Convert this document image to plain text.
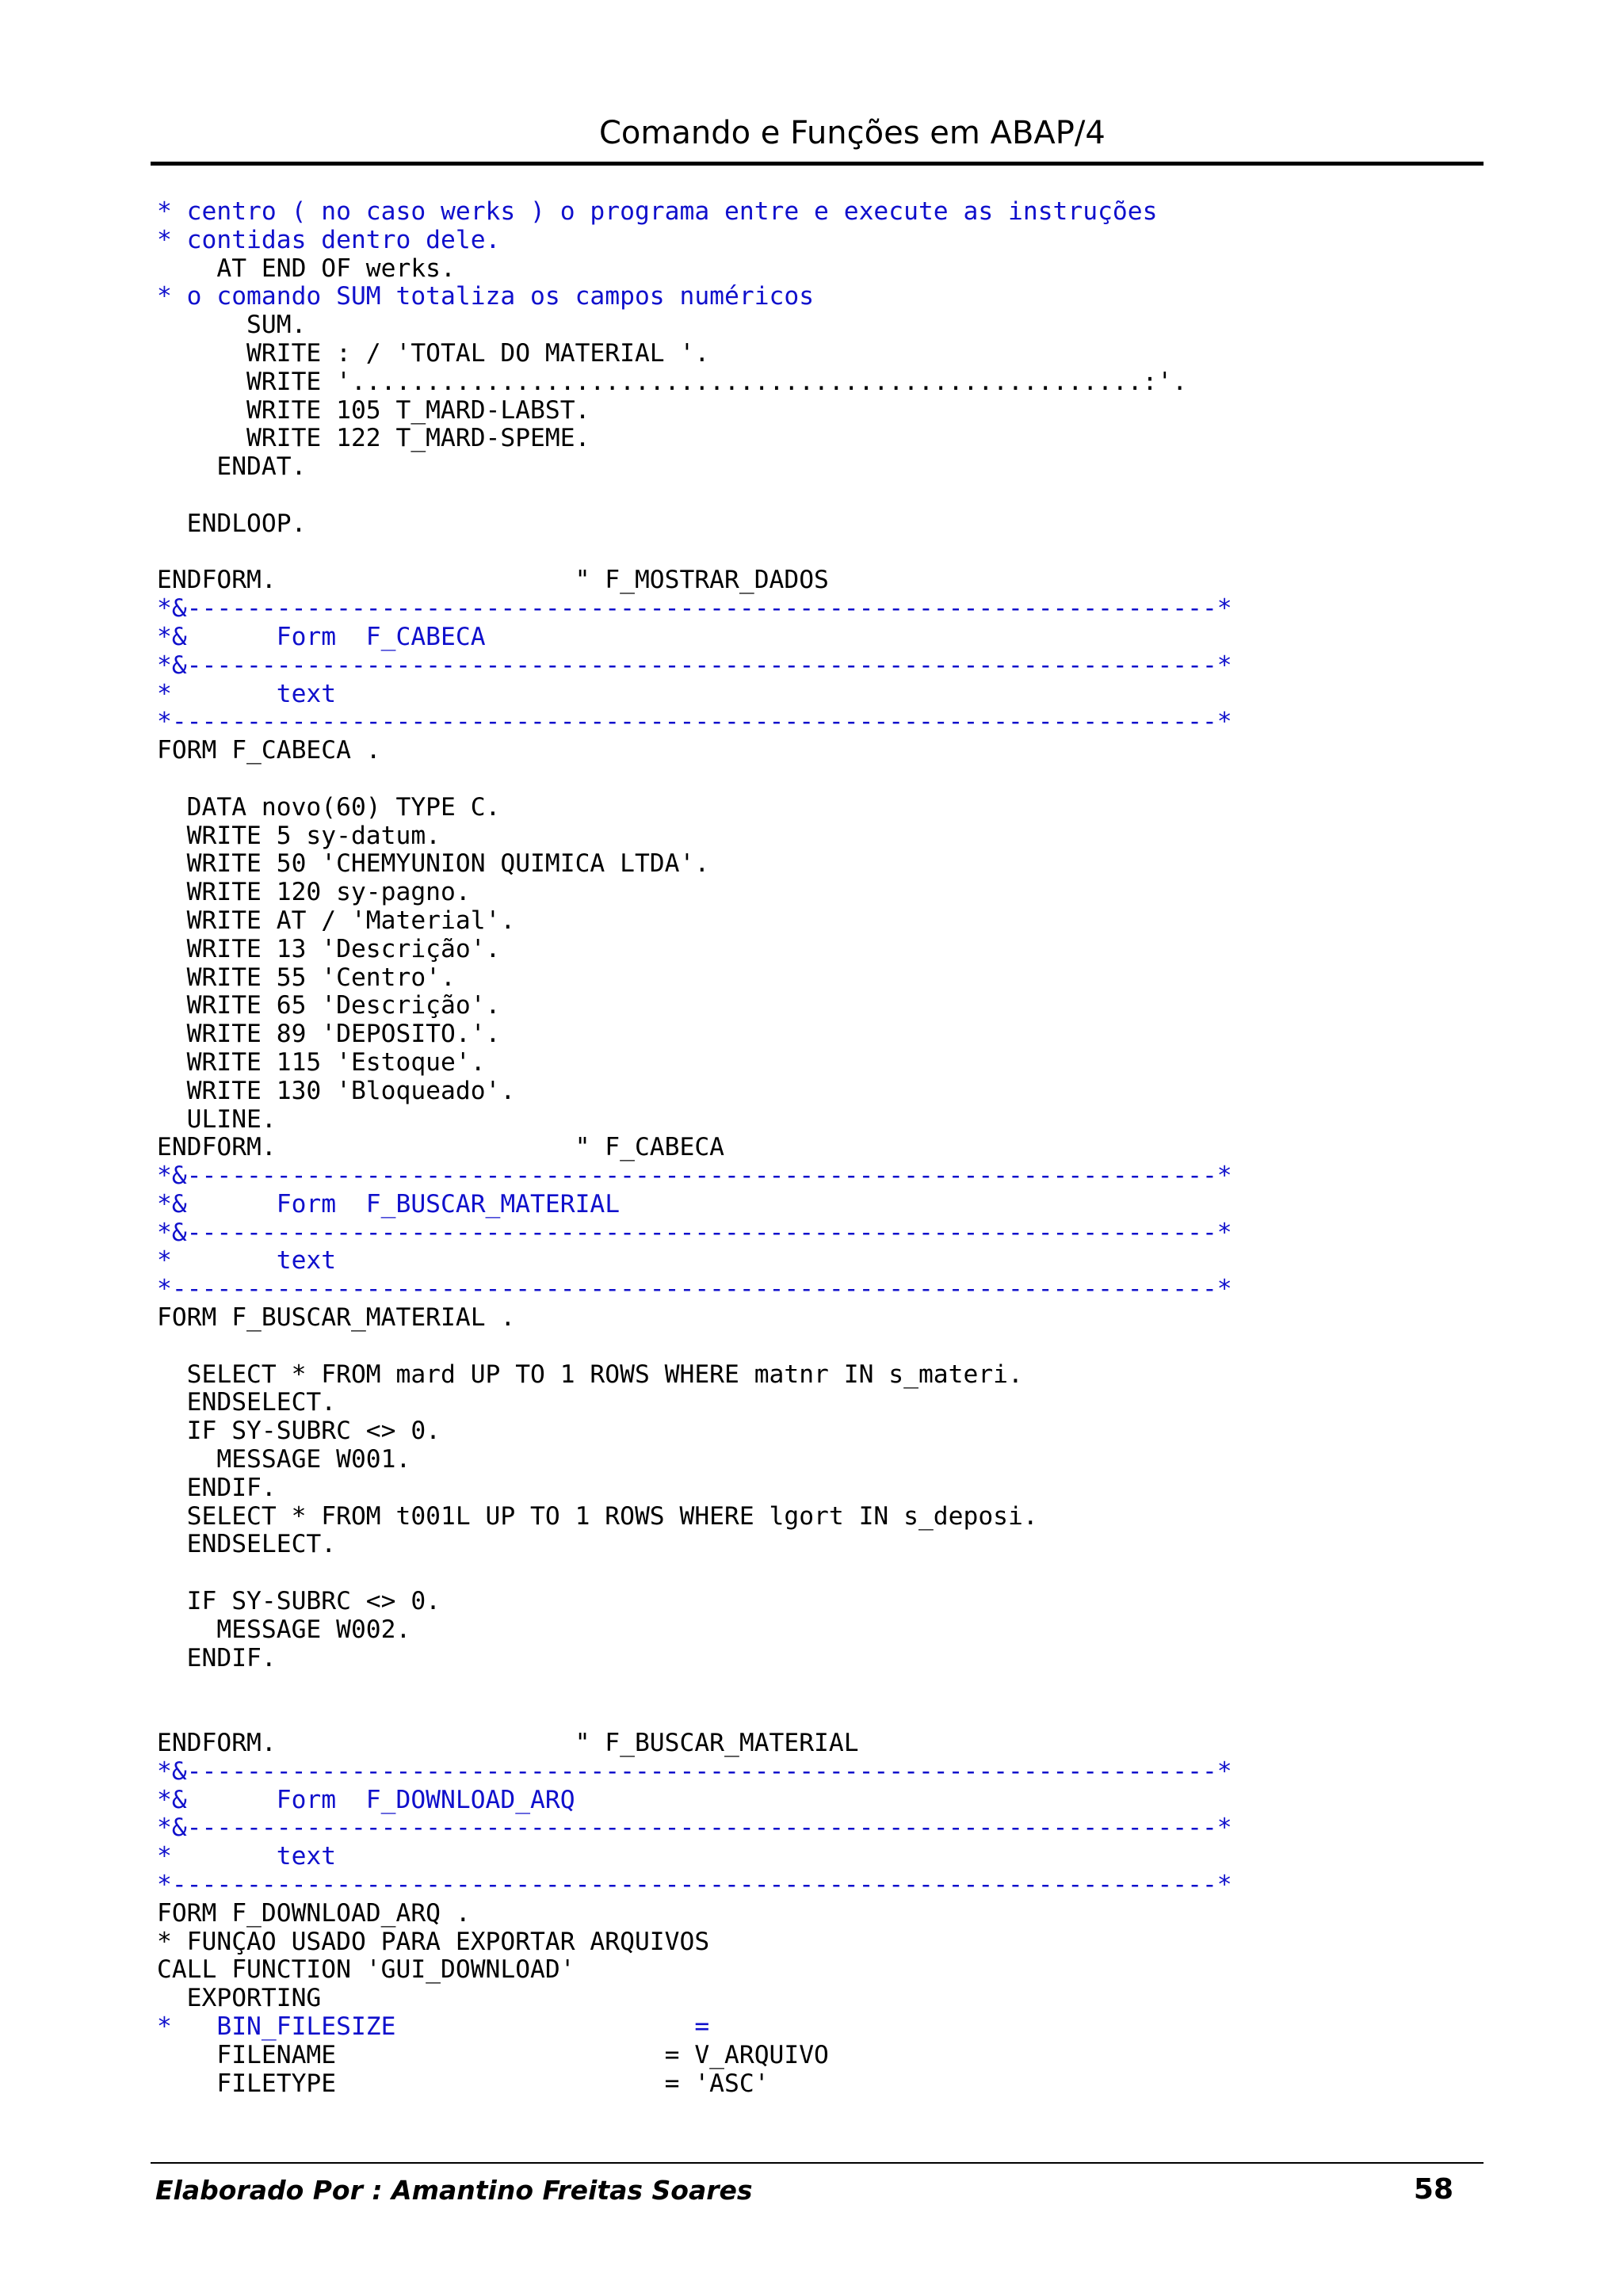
Comando e Funções em ABAP/4
* centro ( no caso werks ) o programa entre e execute as instruções
* contidas dentro dele.
AT END OF werks.
* o comando SUM totaliza os campos numéricos
SUM.
WRITE : / 'TOTAL DO MATERIAL '.
WRITE '.....................................................:'.
WRITE 105 T_MARD-LABST.
WRITE 122 T_MARD-SPEME.
ENDAT.

ENDLOOP.

ENDFORM.                    " F_MOSTRAR_DADOS
*&---------------------------------------------------------------------*
*&      Form  F_CABECA
*&---------------------------------------------------------------------*
*       text
*----------------------------------------------------------------------*
FORM F_CABECA .

DATA novo(60) TYPE C.
WRITE 5 sy-datum.
WRITE 50 'CHEMYUNION QUIMICA LTDA'.
WRITE 120 sy-pagno.
WRITE AT / 'Material'.
WRITE 13 'Descrição'.
WRITE 55 'Centro'.
WRITE 65 'Descrição'.
WRITE 89 'DEPOSITO.'.
WRITE 115 'Estoque'.
WRITE 130 'Bloqueado'.
ULINE.
ENDFORM.                    " F_CABECA
*&---------------------------------------------------------------------*
*&      Form  F_BUSCAR_MATERIAL
*&---------------------------------------------------------------------*
*       text
*----------------------------------------------------------------------*
FORM F_BUSCAR_MATERIAL .

SELECT * FROM mard UP TO 1 ROWS WHERE matnr IN s_materi.
ENDSELECT.
IF SY-SUBRC <> 0.
MESSAGE W001.
ENDIF.
SELECT * FROM t001L UP TO 1 ROWS WHERE lgort IN s_deposi.
ENDSELECT.

IF SY-SUBRC <> 0.
MESSAGE W002.
ENDIF.

ENDFORM.                    " F_BUSCAR_MATERIAL
*&---------------------------------------------------------------------*
*&      Form  F_DOWNLOAD_ARQ
*&---------------------------------------------------------------------*
*       text
*----------------------------------------------------------------------*
FORM F_DOWNLOAD_ARQ .
* FUNÇAO USADO PARA EXPORTAR ARQUIVOS
CALL FUNCTION 'GUI_DOWNLOAD'
EXPORTING
*   BIN_FILESIZE                    =
FILENAME                      = V_ARQUIVO
FILETYPE                      = 'ASC'
Elaborado Por : Amantino Freitas Soares	58
